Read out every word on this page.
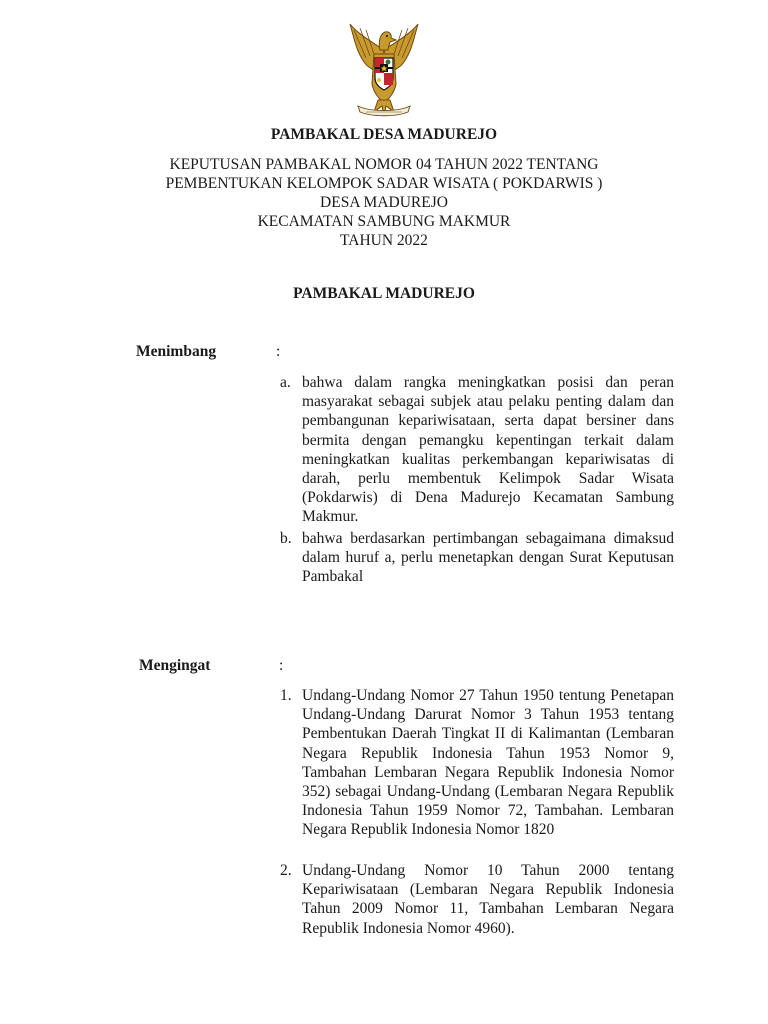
PAMBAKAL DESA MADUREJO
KEPUTUSAN PAMBAKAL NOMOR 04 TAHUN 2022 TENTANG
PEMBENTUKAN KELOMPOK SADAR WISATA ( POKDARWIS )
DESA MADUREJO
KECAMATAN SAMBUNG MAKMUR
TAHUN 2022
PAMBAKAL MADUREJO
Menimbang	:
a. bahwa dalam rangka meningkatkan posisi dan peran masyarakat sebagai subjek atau pelaku penting dalam dan pembangunan kepariwisataan, serta dapat bersiner dans bermita dengan pemangku kepentingan terkait dalam meningkatkan kualitas perkembangan kepariwisatas di darah, perlu membentuk Kelimpok Sadar Wisata (Pokdarwis) di Dena Madurejo Kecamatan Sambung Makmur.
b. bahwa berdasarkan pertimbangan sebagaimana dimaksud dalam huruf a, perlu menetapkan dengan Surat Keputusan Pambakal
Mengingat	:
1. Undang-Undang Nomor 27 Tahun 1950 tentung Penetapan Undang-Undang Darurat Nomor 3 Tahun 1953 tentang Pembentukan Daerah Tingkat II di Kalimantan (Lembaran Negara Republik Indonesia Tahun 1953 Nomor 9, Tambahan Lembaran Negara Republik Indonesia Nomor 352) sebagai Undang-Undang (Lembaran Negara Republik Indonesia Tahun 1959 Nomor 72, Tambahan. Lembaran Negara Republik Indonesia Nomor 1820
2. Undang-Undang Nomor 10 Tahun 2000 tentang Kepariwisataan (Lembaran Negara Republik Indonesia Tahun 2009 Nomor 11, Tambahan Lembaran Negara Republik Indonesia Nomor 4960).
